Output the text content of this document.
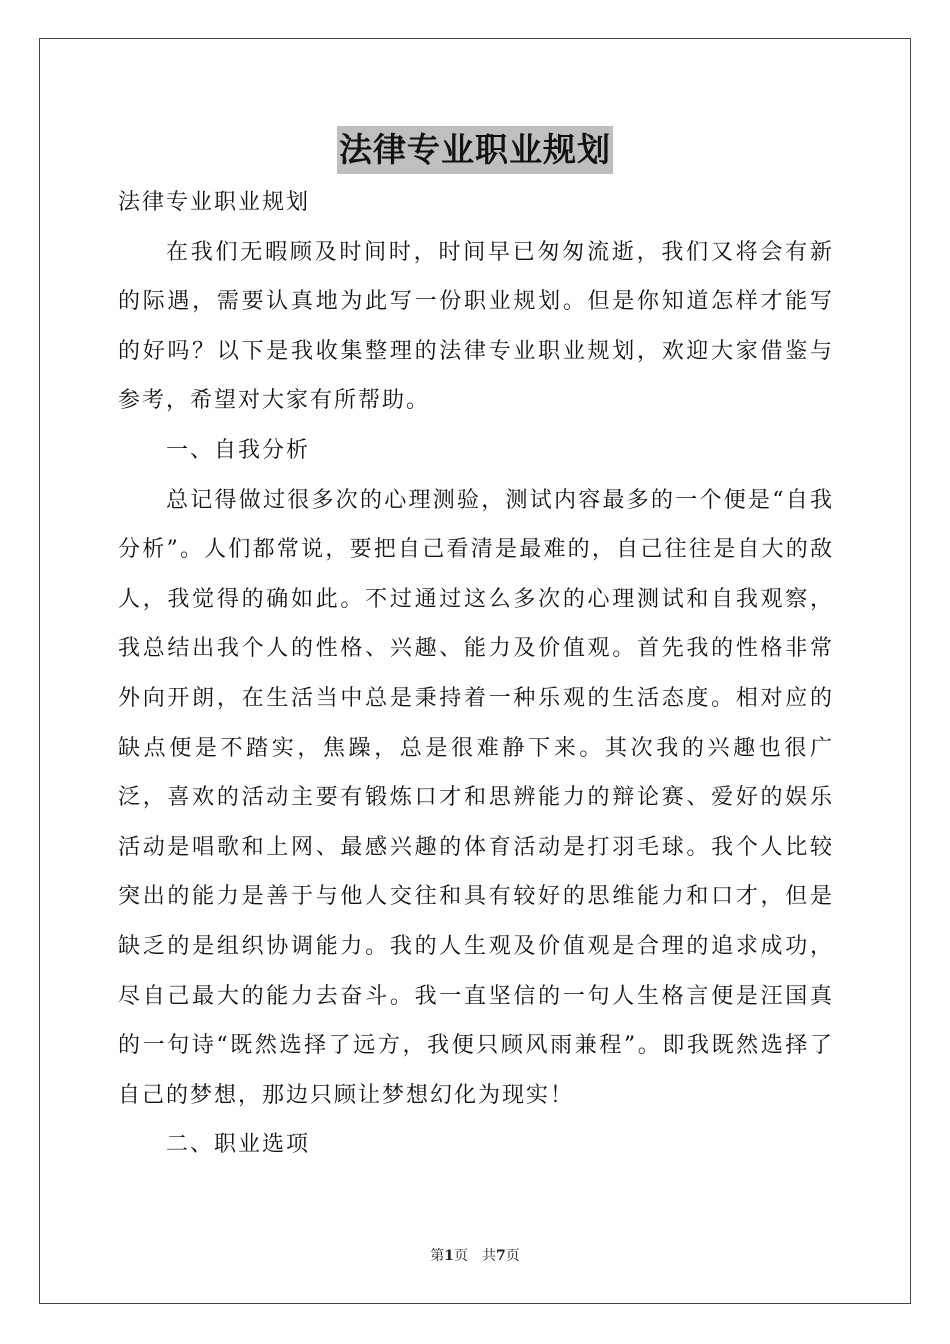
法律专业职业规划

法律专业职业规划

在我们无暇顾及时间时，时间早已匆匆流逝，我们又将会有新的际遇，需要认真地为此写一份职业规划。但是你知道怎样才能写的好吗？以下是我收集整理的法律专业职业规划，欢迎大家借鉴与参考，希望对大家有所帮助。

一、自我分析

总记得做过很多次的心理测验，测试内容最多的一个便是“自我分析”。人们都常说，要把自己看清是最难的，自己往往是自大的敌人，我觉得的确如此。不过通过这么多次的心理测试和自我观察，我总结出我个人的性格、兴趣、能力及价值观。首先我的性格非常外向开朗，在生活当中总是秉持着一种乐观的生活态度。相对应的缺点便是不踏实，焦躁，总是很难静下来。其次我的兴趣也很广泛，喜欢的活动主要有锻炼口才和思辨能力的辩论赛、爱好的娱乐活动是唱歌和上网、最感兴趣的体育活动是打羽毛球。我个人比较突出的能力是善于与他人交往和具有较好的思维能力和口才，但是缺乏的是组织协调能力。我的人生观及价值观是合理的追求成功，尽自己最大的能力去奋斗。我一直坚信的一句人生格言便是汪国真的一句诗“既然选择了远方，我便只顾风雨兼程”。即我既然选择了自己的梦想，那边只顾让梦想幻化为现实！

二、职业选项

第1页 共7页
